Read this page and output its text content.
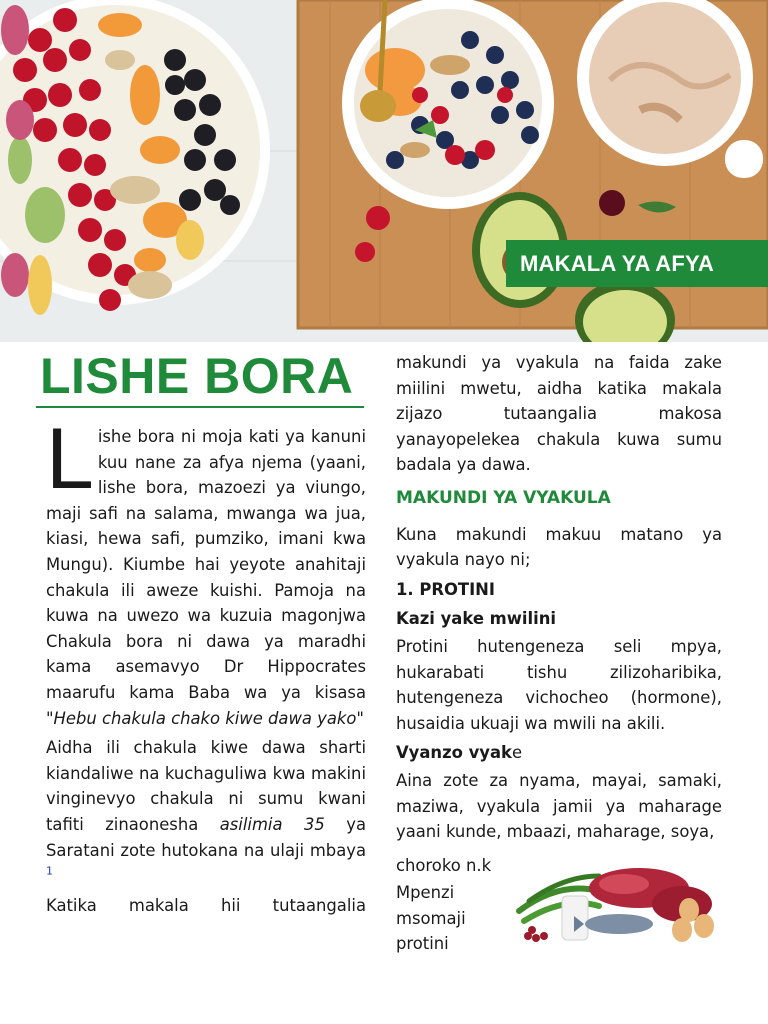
MAKALA YA AFYA
LISHE BORA

Lishe bora ni moja kati ya kanuni kuu nane za afya njema (yaani, lishe bora, mazoezi ya viungo, maji safi na salama, mwanga wa jua, kiasi, hewa safi, pumziko, imani kwa Mungu). Kiumbe hai yeyote anahitaji chakula ili aweze kuishi. Pamoja na kuwa na uwezo wa kuzuia magonjwa Chakula bora ni dawa ya maradhi kama asemavyo Dr Hippocrates maarufu kama Baba wa ya kisasa "Hebu chakula chako kiwe dawa yako"

Aidha ili chakula kiwe dawa sharti kiandaliwe na kuchaguliwa kwa makini vinginevyo chakula ni sumu kwani tafiti zinaonesha asilimia 35 ya Saratani zote hutokana na ulaji mbaya $^1$

Katika makala hii tutaangalia

makundi ya vyakula na faida zake miilini mwetu, aidha katika makala zijazo tutaangalia makosa yanayopelekea chakula kuwa sumu badala ya dawa.

MAKUNDI YA VYAKULA

Kuna makundi makuu matano ya vyakula nayo ni;

1. PROTINI
Kazi yake mwilini

Protini hutengeneza seli mpya, hukarabati tishu zilizoharibika, hutengeneza vichocheo (hormone), husaidia ukuaji wa mwili na akili.

Vyanzo vyake

Aina zote za nyama, mayai, samaki, maziwa, vyakula jamii ya maharage yaani kunde, mbaazi, maharage, soya,

choroko n.k
Mpenzi
msomaji
protini
